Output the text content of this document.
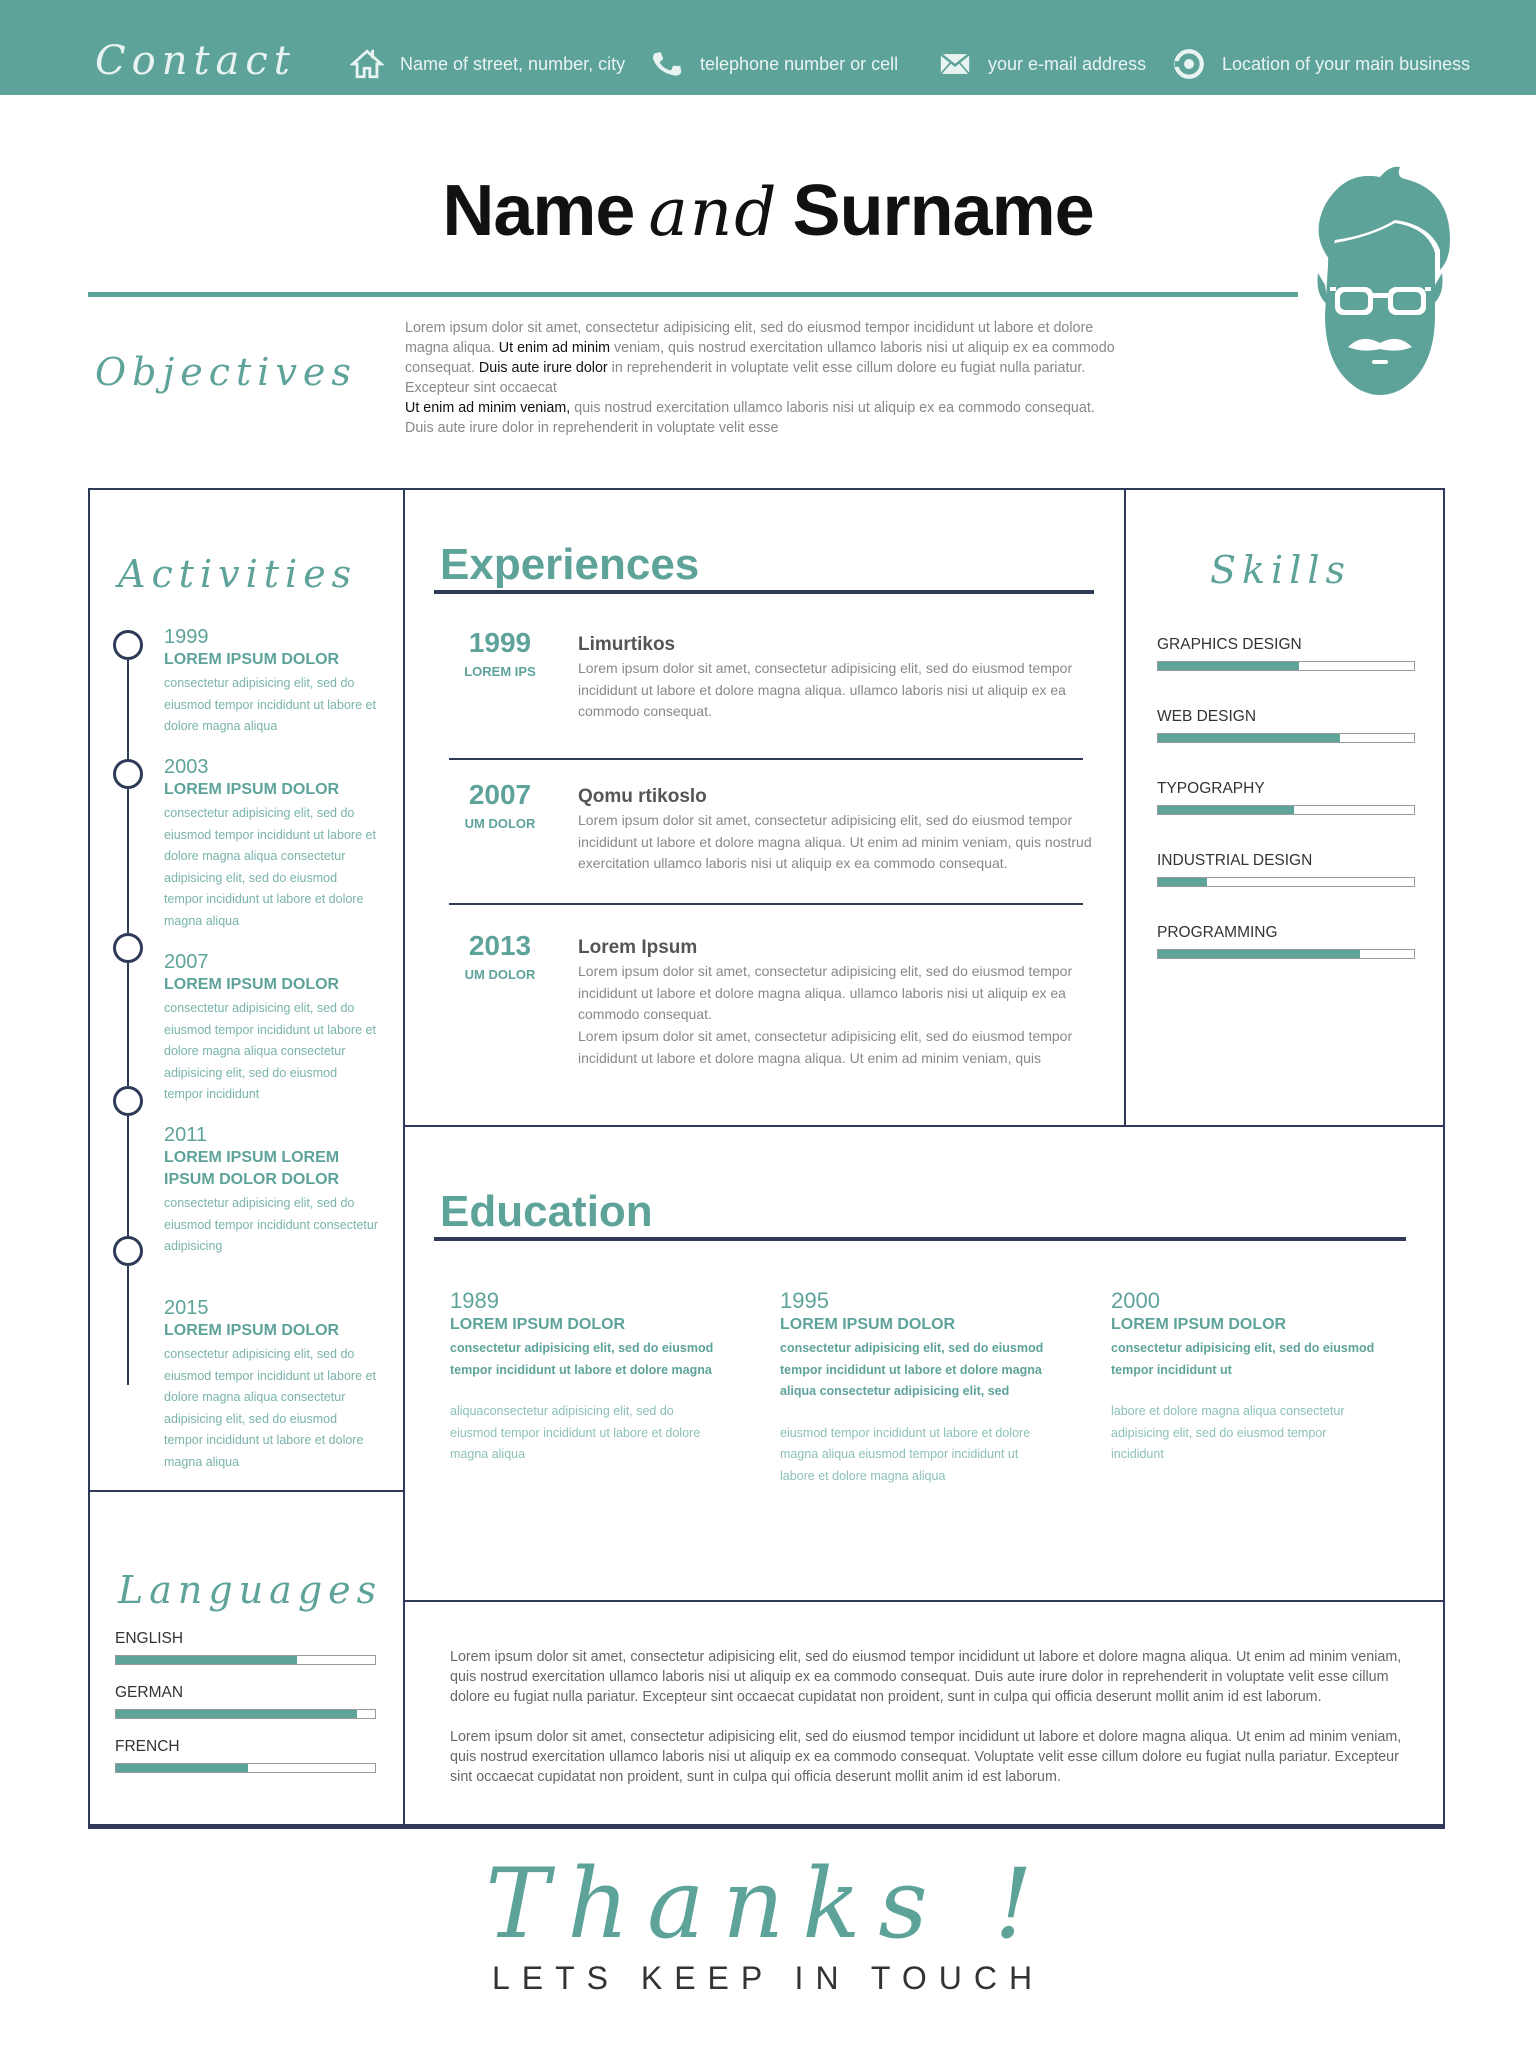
Contact	Name of street, number, city	telephone number or cell	your e-mail address	Location of your main business
Name and Surname
Objectives
Lorem ipsum dolor sit amet, consectetur adipisicing elit, sed do eiusmod tempor incididunt ut labore et dolore magna aliqua. Ut enim ad minim veniam, quis nostrud exercitation ullamco laboris nisi ut aliquip ex ea commodo consequat. Duis aute irure dolor in reprehenderit in voluptate velit esse cillum dolore eu fugiat nulla pariatur. Excepteur sint occaecat
Ut enim ad minim veniam, quis nostrud exercitation ullamco laboris nisi ut aliquip ex ea commodo consequat.
Duis aute irure dolor in reprehenderit in voluptate velit esse
Activities
1999
LOREM IPSUM DOLOR
consectetur adipisicing elit, sed do eiusmod tempor incididunt ut labore et dolore magna aliqua
2003
LOREM IPSUM DOLOR
consectetur adipisicing elit, sed do eiusmod tempor incididunt ut labore et dolore magna aliqua consectetur adipisicing elit, sed do eiusmod tempor incididunt ut labore et dolore magna aliqua
2007
LOREM IPSUM DOLOR
consectetur adipisicing elit, sed do eiusmod tempor incididunt ut labore et dolore magna aliqua consectetur adipisicing elit, sed do eiusmod tempor incididunt
2011
LOREM IPSUM LOREM IPSUM DOLOR DOLOR
consectetur adipisicing elit, sed do eiusmod tempor incididunt consectetur adipisicing
2015
LOREM IPSUM DOLOR
consectetur adipisicing elit, sed do eiusmod tempor incididunt ut labore et dolore magna aliqua consectetur adipisicing elit, sed do eiusmod tempor incididunt ut labore et dolore magna aliqua
Experiences
1999
LOREM IPS
Limurtikos
Lorem ipsum dolor sit amet, consectetur adipisicing elit, sed do eiusmod tempor incididunt ut labore et dolore magna aliqua. ullamco laboris nisi ut aliquip ex ea commodo consequat.
2007
UM DOLOR
Qomu rtikoslo
Lorem ipsum dolor sit amet, consectetur adipisicing elit, sed do eiusmod tempor incididunt ut labore et dolore magna aliqua. Ut enim ad minim veniam, quis nostrud exercitation ullamco laboris nisi ut aliquip ex ea commodo consequat.
2013
UM DOLOR
Lorem Ipsum
Lorem ipsum dolor sit amet, consectetur adipisicing elit, sed do eiusmod tempor incididunt ut labore et dolore magna aliqua. ullamco laboris nisi ut aliquip ex ea commodo consequat.
Lorem ipsum dolor sit amet, consectetur adipisicing elit, sed do eiusmod tempor incididunt ut labore et dolore magna aliqua. Ut enim ad minim veniam, quis
Skills
GRAPHICS DESIGN
WEB DESIGN
TYPOGRAPHY
INDUSTRIAL DESIGN
PROGRAMMING
Education
1989
LOREM IPSUM DOLOR
consectetur adipisicing elit, sed do eiusmod tempor incididunt ut labore et dolore magna
aliquaconsectetur adipisicing elit, sed do eiusmod tempor incididunt ut labore et dolore magna aliqua
1995
LOREM IPSUM DOLOR
consectetur adipisicing elit, sed do eiusmod tempor incididunt ut labore et dolore magna aliqua consectetur adipisicing elit, sed
eiusmod tempor incididunt ut labore et dolore magna aliqua eiusmod tempor incididunt ut labore et dolore magna aliqua
2000
LOREM IPSUM DOLOR
consectetur adipisicing elit, sed do eiusmod tempor incididunt ut
labore et dolore magna aliqua consectetur adipisicing elit, sed do eiusmod tempor incididunt
Languages
ENGLISH
GERMAN
FRENCH
Lorem ipsum dolor sit amet, consectetur adipisicing elit, sed do eiusmod tempor incididunt ut labore et dolore magna aliqua. Ut enim ad minim veniam, quis nostrud exercitation ullamco laboris nisi ut aliquip ex ea commodo consequat. Duis aute irure dolor in reprehenderit in voluptate velit esse cillum dolore eu fugiat nulla pariatur. Excepteur sint occaecat cupidatat non proident, sunt in culpa qui officia deserunt mollit anim id est laborum.
Lorem ipsum dolor sit amet, consectetur adipisicing elit, sed do eiusmod tempor incididunt ut labore et dolore magna aliqua. Ut enim ad minim veniam, quis nostrud exercitation ullamco laboris nisi ut aliquip ex ea commodo consequat. Voluptate velit esse cillum dolore eu fugiat nulla pariatur. Excepteur sint occaecat cupidatat non proident, sunt in culpa qui officia deserunt mollit anim id est laborum.
Thanks !
LETS KEEP IN TOUCH
